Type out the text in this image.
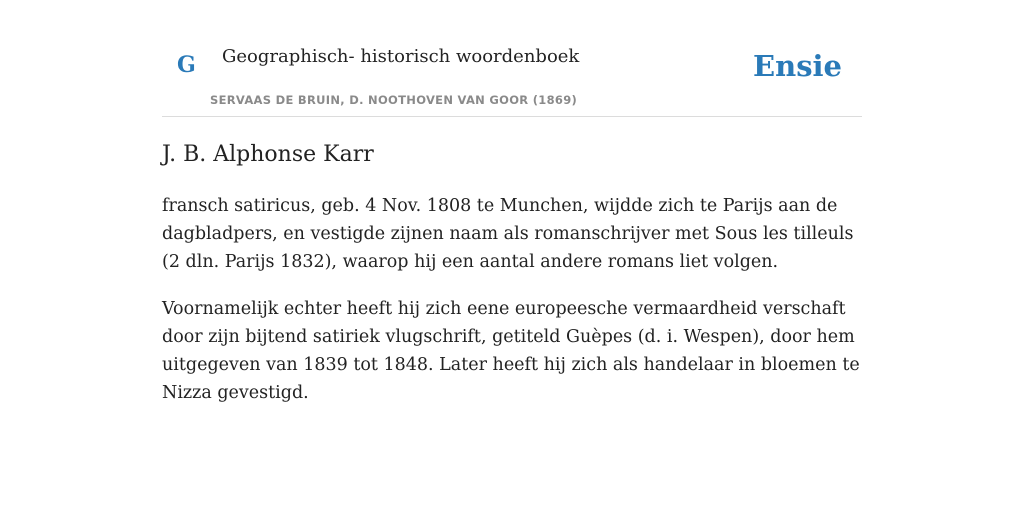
G Geographisch- historisch woordenboek
SERVAAS DE BRUIN, D. NOOTHOVEN VAN GOOR (1869)
Ensie
J. B. Alphonse Karr

fransch satiricus, geb. 4 Nov. 1808 te Munchen, wijdde zich te Parijs aan de dagbladpers, en vestigde zijnen naam als romanschrijver met Sous les tilleuls (2 dln. Parijs 1832), waarop hij een aantal andere romans liet volgen.

Voornamelijk echter heeft hij zich eene europeesche vermaardheid verschaft door zijn bijtend satiriek vlugschrift, getiteld Guèpes (d. i. Wespen), door hem uitgegeven van 1839 tot 1848. Later heeft hij zich als handelaar in bloemen te Nizza gevestigd.
